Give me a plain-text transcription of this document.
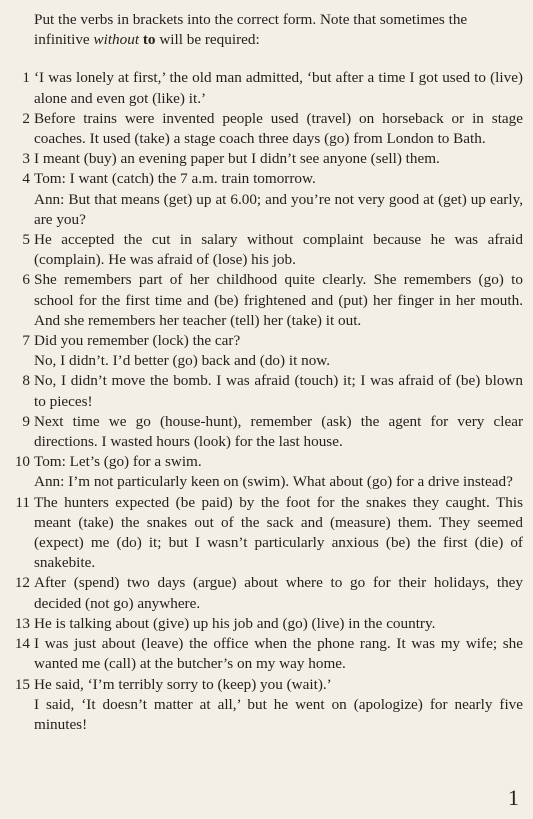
Put the verbs in brackets into the correct form. Note that sometimes the infinitive without to will be required:

1 ‘I was lonely at first,’ the old man admitted, ‘but after a time I got used to (live) alone and even got (like) it.’
2 Before trains were invented people used (travel) on horseback or in stage coaches. It used (take) a stage coach three days (go) from London to Bath.
3 I meant (buy) an evening paper but I didn’t see anyone (sell) them.
4 Tom: I want (catch) the 7 a.m. train tomorrow.
Ann: But that means (get) up at 6.00; and you’re not very good at (get) up early, are you?
5 He accepted the cut in salary without complaint because he was afraid (complain). He was afraid of (lose) his job.
6 She remembers part of her childhood quite clearly. She remembers (go) to school for the first time and (be) frightened and (put) her finger in her mouth. And she remembers her teacher (tell) her (take) it out.
7 Did you remember (lock) the car?
No, I didn’t. I’d better (go) back and (do) it now.
8 No, I didn’t move the bomb. I was afraid (touch) it; I was afraid of (be) blown to pieces!
9 Next time we go (house-hunt), remember (ask) the agent for very clear directions. I wasted hours (look) for the last house.
10 Tom: Let’s (go) for a swim.
Ann: I’m not particularly keen on (swim). What about (go) for a drive instead?
11 The hunters expected (be paid) by the foot for the snakes they caught. This meant (take) the snakes out of the sack and (measure) them. They seemed (expect) me (do) it; but I wasn’t particularly anxious (be) the first (die) of snakebite.
12 After (spend) two days (argue) about where to go for their holidays, they decided (not go) anywhere.
13 He is talking about (give) up his job and (go) (live) in the country.
14 I was just about (leave) the office when the phone rang. It was my wife; she wanted me (call) at the butcher’s on my way home.
15 He said, ‘I’m terribly sorry to (keep) you (wait).’
I said, ‘It doesn’t matter at all,’ but he went on (apologize) for nearly five minutes!
1
